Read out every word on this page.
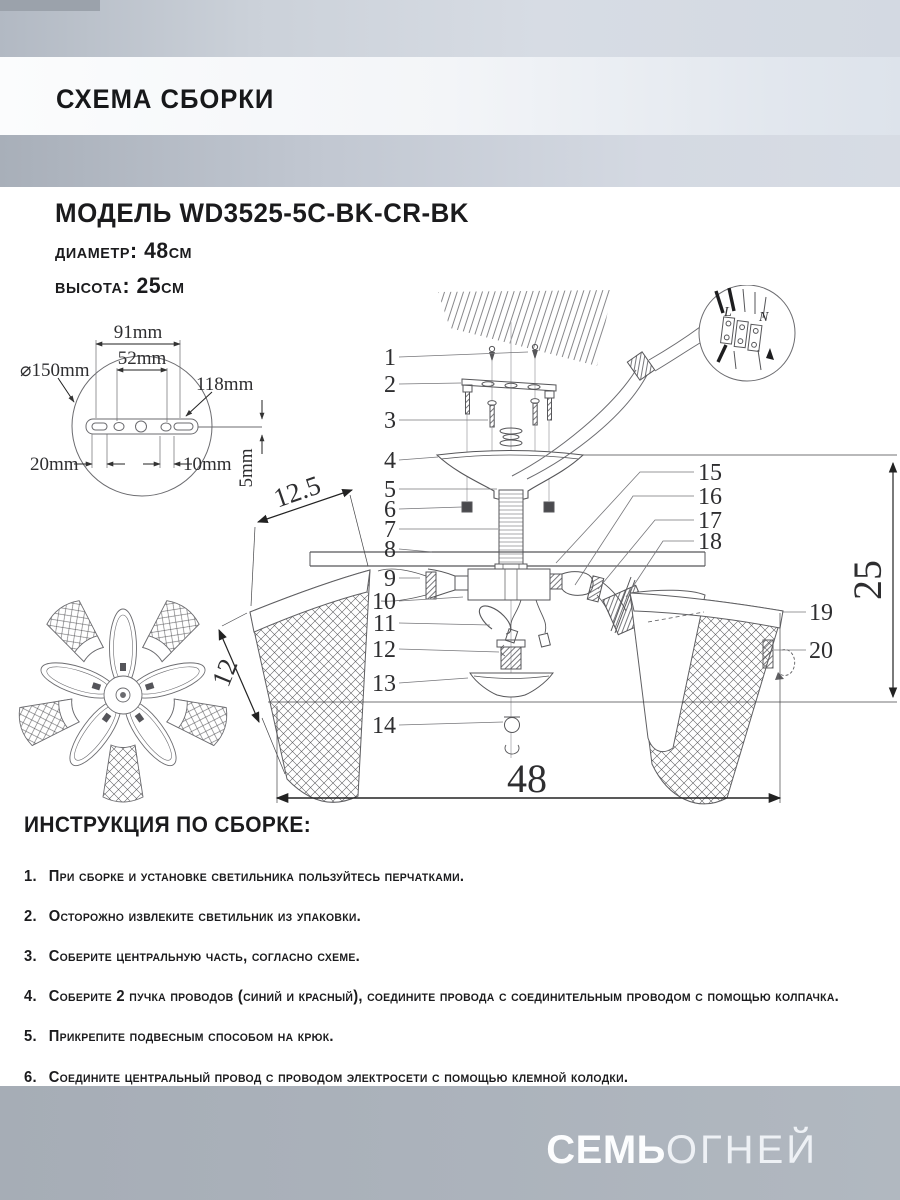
СХЕМА СБОРКИ
МОДЕЛЬ WD3525-5C-BK-CR-BK
диаметр: 48см
высота: 25см
91mm
52mm
⌀150mm
118mm
20mm	10mm 5mm
L N
12.5
12
25
48
1
2
3
4
5
6
7
8
9
10
11
12
13
14
15
16
17
18
19
20
ИНСТРУКЦИЯ ПО СБОРКЕ:
1. При сборке и установке светильника пользуйтесь перчатками.
2. Осторожно извлеките светильник из упаковки.
3. Соберите центральную часть, согласно схеме.
4. Соберите 2 пучка проводов (синий и красный), соедините провода с соединительным проводом с помощью колпачка.
5. Прикрепите подвесным способом на крюк.
6. Соедините центральный провод с проводом электросети с помощью клемной колодки.
СЕМЬОГНЕЙ
